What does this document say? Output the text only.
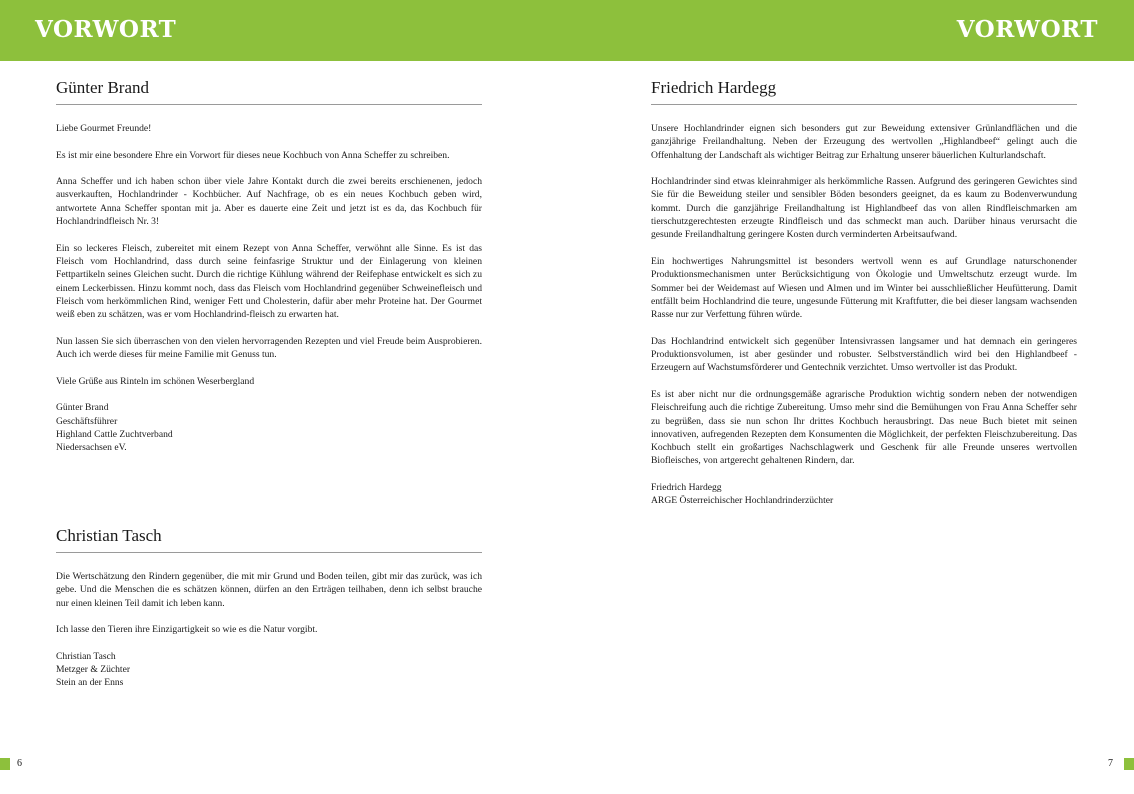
VORWORT	VORWORT
Günter Brand

Liebe Gourmet Freunde!

Es ist mir eine besondere Ehre ein Vorwort für dieses neue Kochbuch von Anna Scheffer zu schreiben.

Anna Scheffer und ich haben schon über viele Jahre Kontakt durch die zwei bereits erschienenen, jedoch ausverkauften, Hochlandrinder - Kochbücher. Auf Nachfrage, ob es ein neues Kochbuch geben wird, antwortete Anna Scheffer spontan mit ja. Aber es dauerte eine Zeit und jetzt ist es da, das Kochbuch für Hochlandrindfleisch Nr. 3!

Ein so leckeres Fleisch, zubereitet mit einem Rezept von Anna Scheffer, verwöhnt alle Sinne. Es ist das Fleisch vom Hochlandrind, dass durch seine feinfasrige Struktur und der Einlagerung von kleinen Fettpartikeln seines Gleichen sucht. Durch die richtige Kühlung während der Reifephase entwickelt es sich zu einem Leckerbissen. Hinzu kommt noch, dass das Fleisch vom Hochlandrind gegenüber Schweinefleisch und Fleisch vom herkömmlichen Rind, weniger Fett und Cholesterin, dafür aber mehr Proteine hat. Der Gourmet weiß eben zu schätzen, was er vom Hochlandrind-fleisch zu erwarten hat.

Nun lassen Sie sich überraschen von den vielen hervorragenden Rezepten und viel Freude beim Ausprobieren. Auch ich werde dieses für meine Familie mit Genuss tun.

Viele Grüße aus Rinteln im schönen Weserbergland

Günter Brand
Geschäftsführer
Highland Cattle Zuchtverband
Niedersachsen eV.

Christian Tasch

Die Wertschätzung den Rindern gegenüber, die mit mir Grund und Boden teilen, gibt mir das zurück, was ich gebe. Und die Menschen die es schätzen können, dürfen an den Erträgen teilhaben, denn ich selbst brauche nur einen kleinen Teil damit ich leben kann.

Ich lasse den Tieren ihre Einzigartigkeit so wie es die Natur vorgibt.

Christian Tasch
Metzger & Züchter
Stein an der Enns

Friedrich Hardegg

Unsere Hochlandrinder eignen sich besonders gut zur Beweidung extensiver Grünlandflächen und die ganzjährige Freilandhaltung. Neben der Erzeugung des wertvollen „Highlandbeef“ gelingt auch die Offenhaltung der Landschaft als wichtiger Beitrag zur Erhaltung unserer bäuerlichen Kulturlandschaft.

Hochlandrinder sind etwas kleinrahmiger als herkömmliche Rassen. Aufgrund des geringeren Gewichtes sind Sie für die Beweidung steiler und sensibler Böden besonders geeignet, da es kaum zu Bodenverwundung kommt. Durch die ganzjährige Freilandhaltung ist Highlandbeef das von allen Rindfleischmarken am tierschutzgerechtesten erzeugte Rindfleisch und das schmeckt man auch. Darüber hinaus verursacht die gesunde Freilandhaltung geringere Kosten durch verminderten Arbeitsaufwand.

Ein hochwertiges Nahrungsmittel ist besonders wertvoll wenn es auf Grundlage naturschonender Produktionsmechanismen unter Berücksichtigung von Ökologie und Umweltschutz erzeugt wurde. Im Sommer bei der Weidemast auf Wiesen und Almen und im Winter bei ausschließlicher Heufütterung. Damit entfällt beim Hochlandrind die teure, ungesunde Fütterung mit Kraftfutter, die bei dieser langsam wachsenden Rasse nur zur Verfettung führen würde.

Das Hochlandrind entwickelt sich gegenüber Intensivrassen langsamer und hat demnach ein geringeres Produktionsvolumen, ist aber gesünder und robuster. Selbstverständlich wird bei den Highlandbeef - Erzeugern auf Wachstumsförderer und Gentechnik verzichtet. Umso wertvoller ist das Produkt.

Es ist aber nicht nur die ordnungsgemäße agrarische Produktion wichtig sondern neben der notwendigen Fleischreifung auch die richtige Zubereitung. Umso mehr sind die Bemühungen von Frau Anna Scheffer sehr zu begrüßen, dass sie nun schon Ihr drittes Kochbuch herausbringt. Das neue Buch bietet mit seinen innovativen, aufregenden Rezepten dem Konsumenten die Möglichkeit, der perfekten Fleischzubereitung. Das Kochbuch stellt ein großartiges Nachschlagwerk und Geschenk für alle Freunde unseres wertvollen Biofleisches, von artgerecht gehaltenen Rindern, dar.

Friedrich Hardegg
ARGE Österreichischer Hochlandrinderzüchter

6	7
